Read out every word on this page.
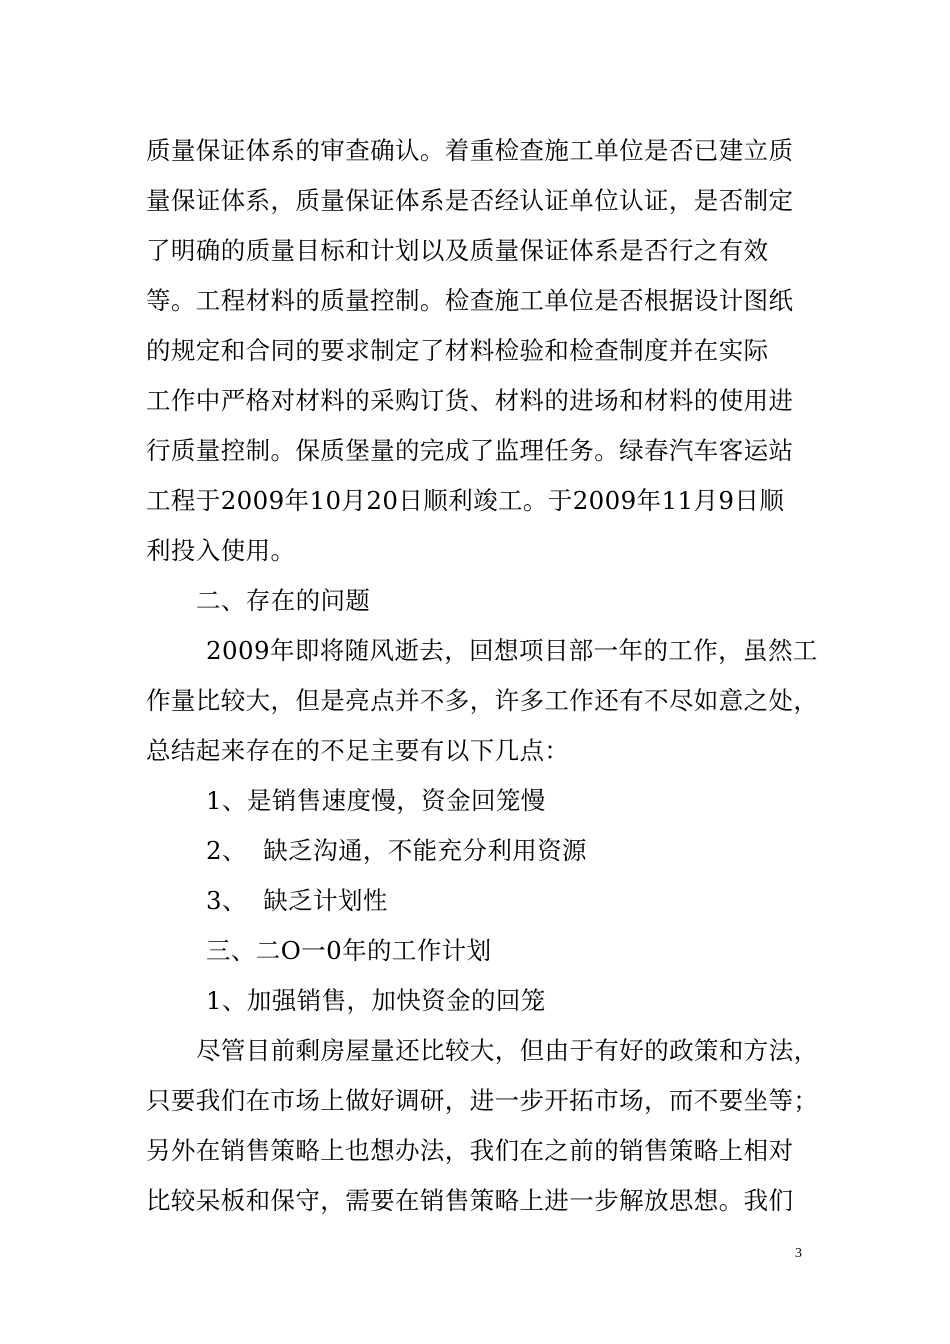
质量保证体系的审查确认。着重检查施工单位是否已建立质
量保证体系，质量保证体系是否经认证单位认证，是否制定
了明确的质量目标和计划以及质量保证体系是否行之有效
等。工程材料的质量控制。检查施工单位是否根据设计图纸
的规定和合同的要求制定了材料检验和检查制度并在实际
工作中严格对材料的采购订货、材料的进场和材料的使用进
行质量控制。保质堡量的完成了监理任务。绿春汽车客运站
工程于2009年10月20日顺利竣工。于2009年11月9日顺
利投入使用。
二、存在的问题
2009年即将随风逝去，回想项目部一年的工作，虽然工
作量比较大，但是亮点并不多，许多工作还有不尽如意之处，
总结起来存在的不足主要有以下几点：
1、是销售速度慢，资金回笼慢
2、  缺乏沟通，不能充分利用资源
3、  缺乏计划性
三、二O一0年的工作计划
1、加强销售，加快资金的回笼
尽管目前剩房屋量还比较大，但由于有好的政策和方法，
只要我们在市场上做好调研，进一步开拓市场，而不要坐等；
另外在销售策略上也想办法，我们在之前的销售策略上相对
比较呆板和保守，需要在销售策略上进一步解放思想。我们
3
